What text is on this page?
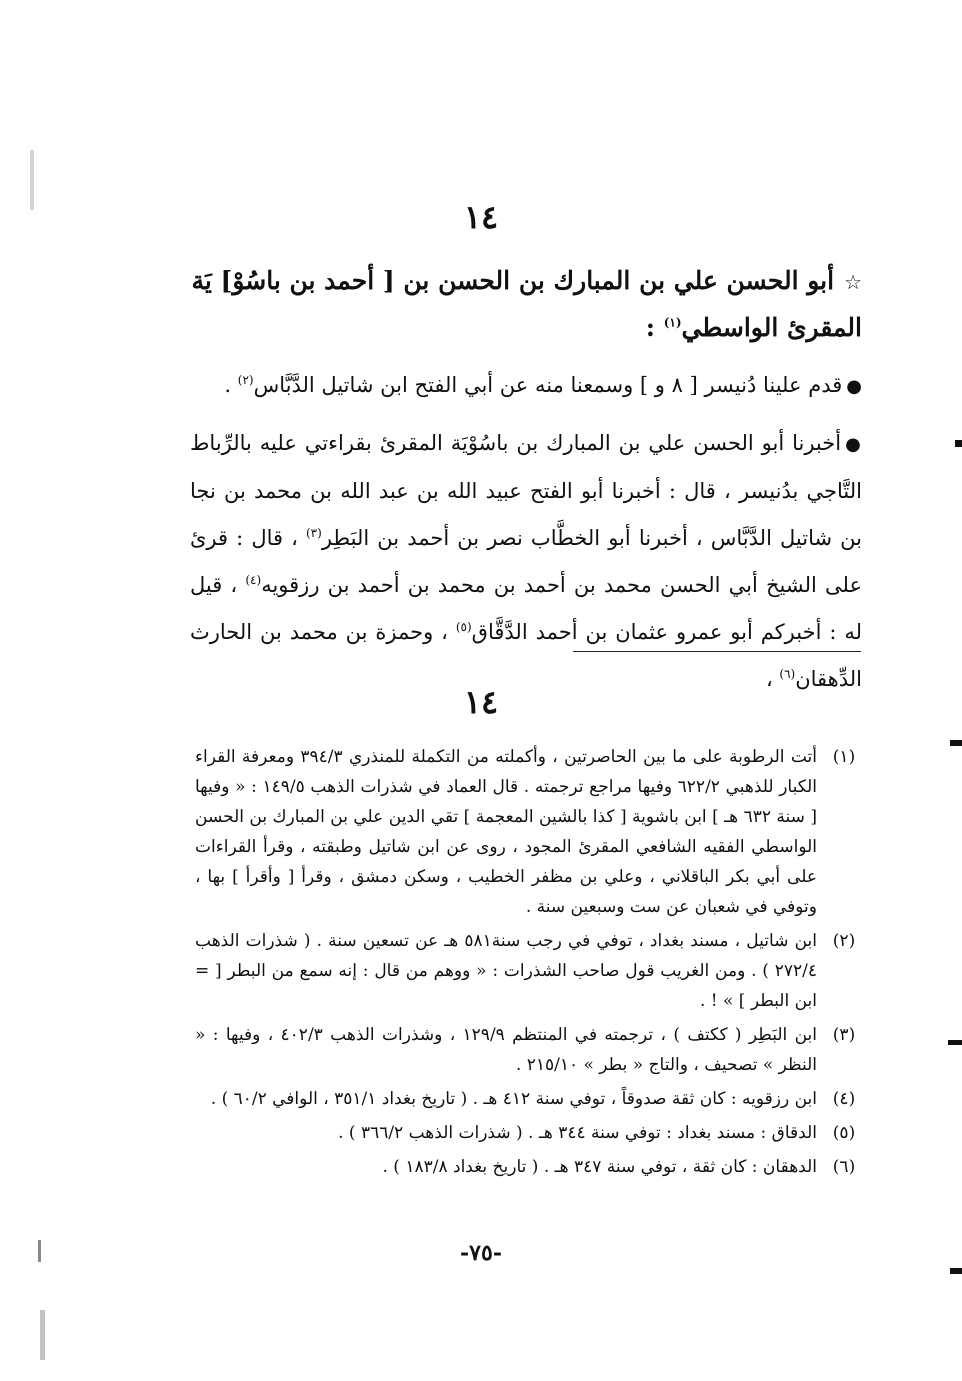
١٤
☆أبو الحسن علي بن المبارك بن الحسن بن [ أحمد بن باسُوْ] يَة المقرئ الواسطي$^{(١)}$ :
●قدم علينا دُنيسر [ ٨ و ] وسمعنا منه عن أبي الفتح ابن شاتيل الدَّبَّاس$^{(٢)}$ .
●أخبرنا أبو الحسن علي بن المبارك بن باسُوْيَة المقرئ بقراءتي عليه بالرِّباط التَّاجي بدُنيسر ، قال : أخبرنا أبو الفتح عبيد الله بن عبد الله بن محمد بن نجا بن شاتيل الدَّبَّاس ، أخبرنا أبو الخطَّاب نصر بن أحمد بن البَطِر$^{(٣)}$ ، قال : قرئ على الشيخ أبي الحسن محمد بن أحمد بن محمد بن أحمد بن رزقويه$^{(٤)}$ ، قيل له : أخبركم أبو عمرو عثمان بن أحمد الدَّقَّاق$^{(٥)}$ ، وحمزة بن محمد بن الحارث الدِّهقان$^{(٦)}$ ،
١٤
(١)
أتت الرطوبة على ما بين الحاصرتين ، وأكملته من التكملة للمنذري ٣٩٤/٣ ومعرفة القراء الكبار للذهبي ٦٢٢/٢ وفيها مراجع ترجمته . قال العماد في شذرات الذهب ١٤٩/٥ : « وفيها [ سنة ٦٣٢ هـ ] ابن باشوية [ كذا بالشين المعجمة ] تقي الدين علي بن المبارك بن الحسن الواسطي الفقيه الشافعي المقرئ المجود ، روى عن ابن شاتيل وطبقته ، وقرأ القراءات على أبي بكر الباقلاني ، وعلي بن مظفر الخطيب ، وسكن دمشق ، وقرأ [ وأقرأ ] بها ، وتوفي في شعبان عن ست وسبعين سنة .
(٢)
ابن شاتيل ، مسند بغداد ، توفي في رجب سنة٥٨١ هـ عن تسعين سنة . ( شذرات الذهب ٢٧٢/٤ ) . ومن الغريب قول صاحب الشذرات : « ووهم من قال : إنه سمع من البطر [ = ابن البطر ] » ! .
(٣)
ابن البَطِر ( ككتف ) ، ترجمته في المنتظم ١٢٩/٩ ، وشذرات الذهب ٤٠٢/٣ ، وفيها : « النظر » تصحيف ، والتاج « بطر » ٢١٥/١٠ .
(٤)
ابن رزقويه : كان ثقة صدوقاً ، توفي سنة ٤١٢ هـ . ( تاريخ بغداد ٣٥١/١ ، الوافي ٦٠/٢ ) .
(٥)
الدقاق : مسند بغداد : توفي سنة ٣٤٤ هـ . ( شذرات الذهب ٣٦٦/٢ ) .
(٦)
الدهقان : كان ثقة ، توفي سنة ٣٤٧ هـ . ( تاريخ بغداد ١٨٣/٨ ) .
-٧٥-
